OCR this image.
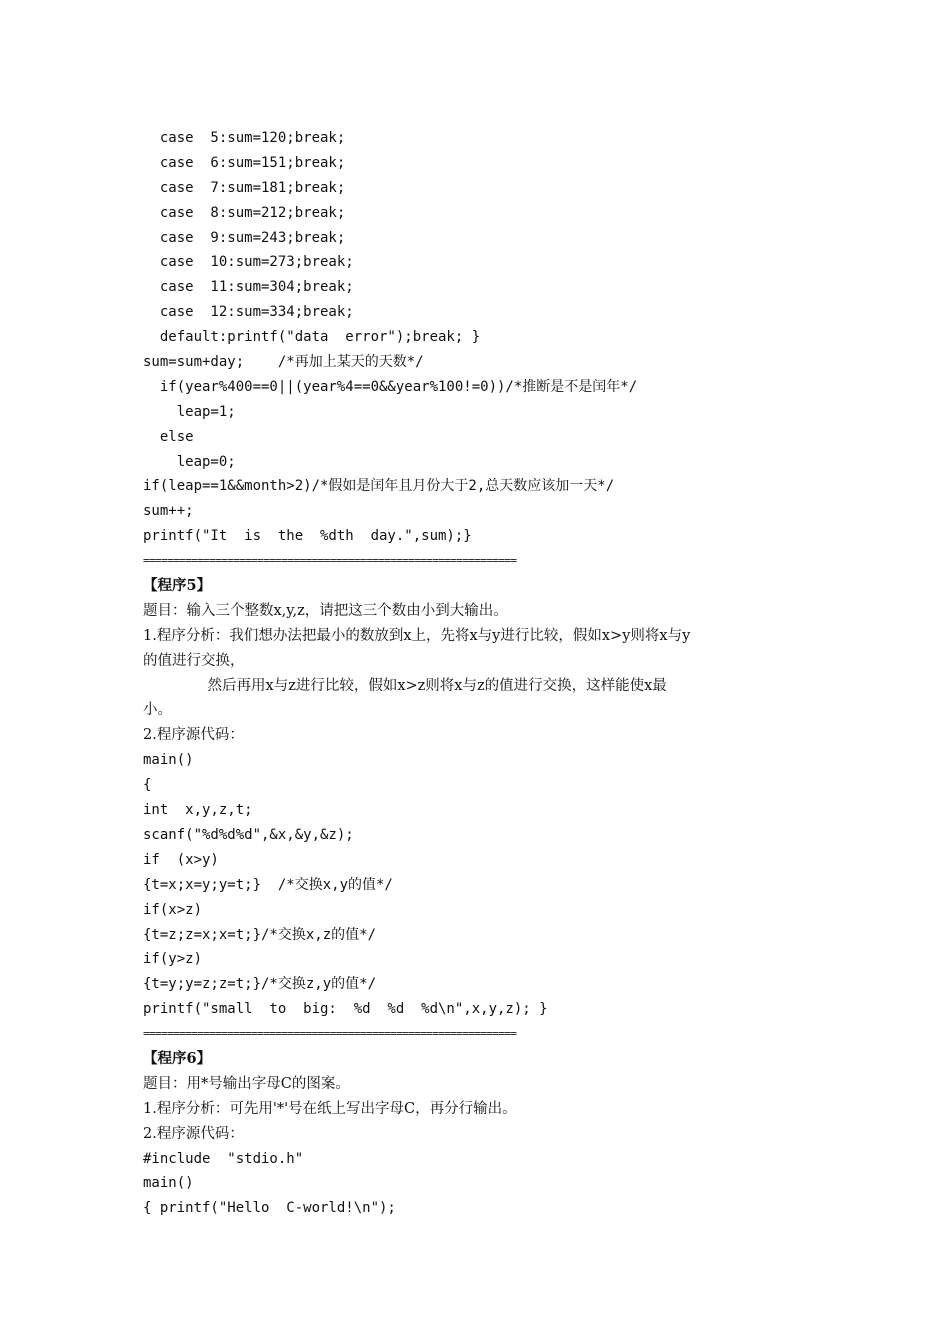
case  5:sum=120;break;
case  6:sum=151;break;
case  7:sum=181;break;
case  8:sum=212;break;
case  9:sum=243;break;
case  10:sum=273;break;
case  11:sum=304;break;
case  12:sum=334;break;
default:printf("data  error");break; }
sum=sum+day;    /*再加上某天的天数*/
if(year%400==0||(year%4==0&&year%100!=0))/*推断是不是闰年*/
leap=1;
else
leap=0;
if(leap==1&&month>2)/*假如是闰年且月份大于2,总天数应该加一天*/
sum++;
printf("It  is  the  %dth  day.",sum);}
==============================================================
【程序5】
题目：输入三个整数x,y,z，请把这三个数由小到大输出。
1.程序分析：我们想办法把最小的数放到x上，先将x与y进行比较，假如x>y则将x与y
的值进行交换，
然后再用x与z进行比较，假如x>z则将x与z的值进行交换，这样能使x最
小。
2.程序源代码：
main()
{
int  x,y,z,t;
scanf("%d%d%d",&x,&y,&z);
if  (x>y)
{t=x;x=y;y=t;}  /*交换x,y的值*/
if(x>z)
{t=z;z=x;x=t;}/*交换x,z的值*/
if(y>z)
{t=y;y=z;z=t;}/*交换z,y的值*/
printf("small  to  big:  %d  %d  %d\n",x,y,z); }
==============================================================
【程序6】
题目：用*号输出字母C的图案。
1.程序分析：可先用'*'号在纸上写出字母C，再分行输出。
2.程序源代码：
#include  "stdio.h"
main()
{ printf("Hello  C-world!\n");
